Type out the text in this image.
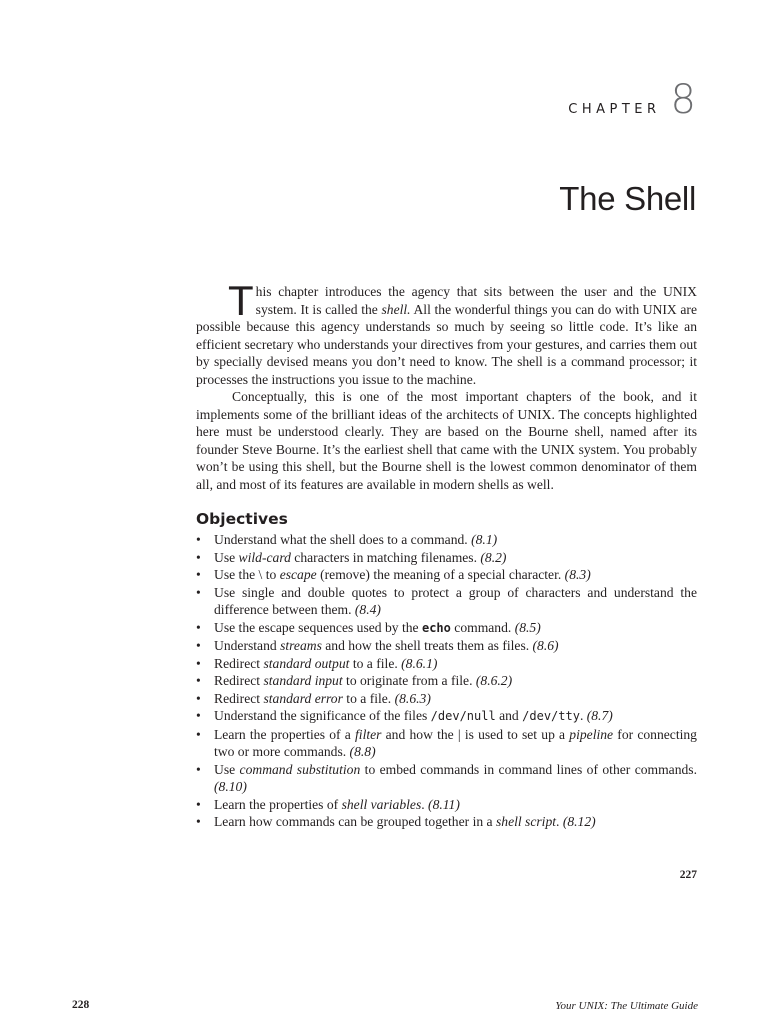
CHAPTER 8
The Shell

This chapter introduces the agency that sits between the user and the UNIX system. It is called the shell. All the wonderful things you can do with UNIX are possible because this agency understands so much by seeing so little code. It’s like an efficient secretary who understands your directives from your gestures, and carries them out by specially devised means you don’t need to know. The shell is a command processor; it processes the instructions you issue to the machine.

Conceptually, this is one of the most important chapters of the book, and it implements some of the brilliant ideas of the architects of UNIX. The concepts highlighted here must be understood clearly. They are based on the Bourne shell, named after its founder Steve Bourne. It’s the earliest shell that came with the UNIX system. You probably won’t be using this shell, but the Bourne shell is the lowest common denominator of them all, and most of its features are available in modern shells as well.

Objectives
• Understand what the shell does to a command. (8.1)
• Use wild-card characters in matching filenames. (8.2)
• Use the \ to escape (remove) the meaning of a special character. (8.3)
• Use single and double quotes to protect a group of characters and understand the difference between them. (8.4)
• Use the escape sequences used by the echo command. (8.5)
• Understand streams and how the shell treats them as files. (8.6)
• Redirect standard output to a file. (8.6.1)
• Redirect standard input to originate from a file. (8.6.2)
• Redirect standard error to a file. (8.6.3)
• Understand the significance of the files /dev/null and /dev/tty. (8.7)
• Learn the properties of a filter and how the | is used to set up a pipeline for connecting two or more commands. (8.8)
• Use command substitution to embed commands in command lines of other commands. (8.10)
• Learn the properties of shell variables. (8.11)
• Learn how commands can be grouped together in a shell script. (8.12)
227
228	Your UNIX: The Ultimate Guide
